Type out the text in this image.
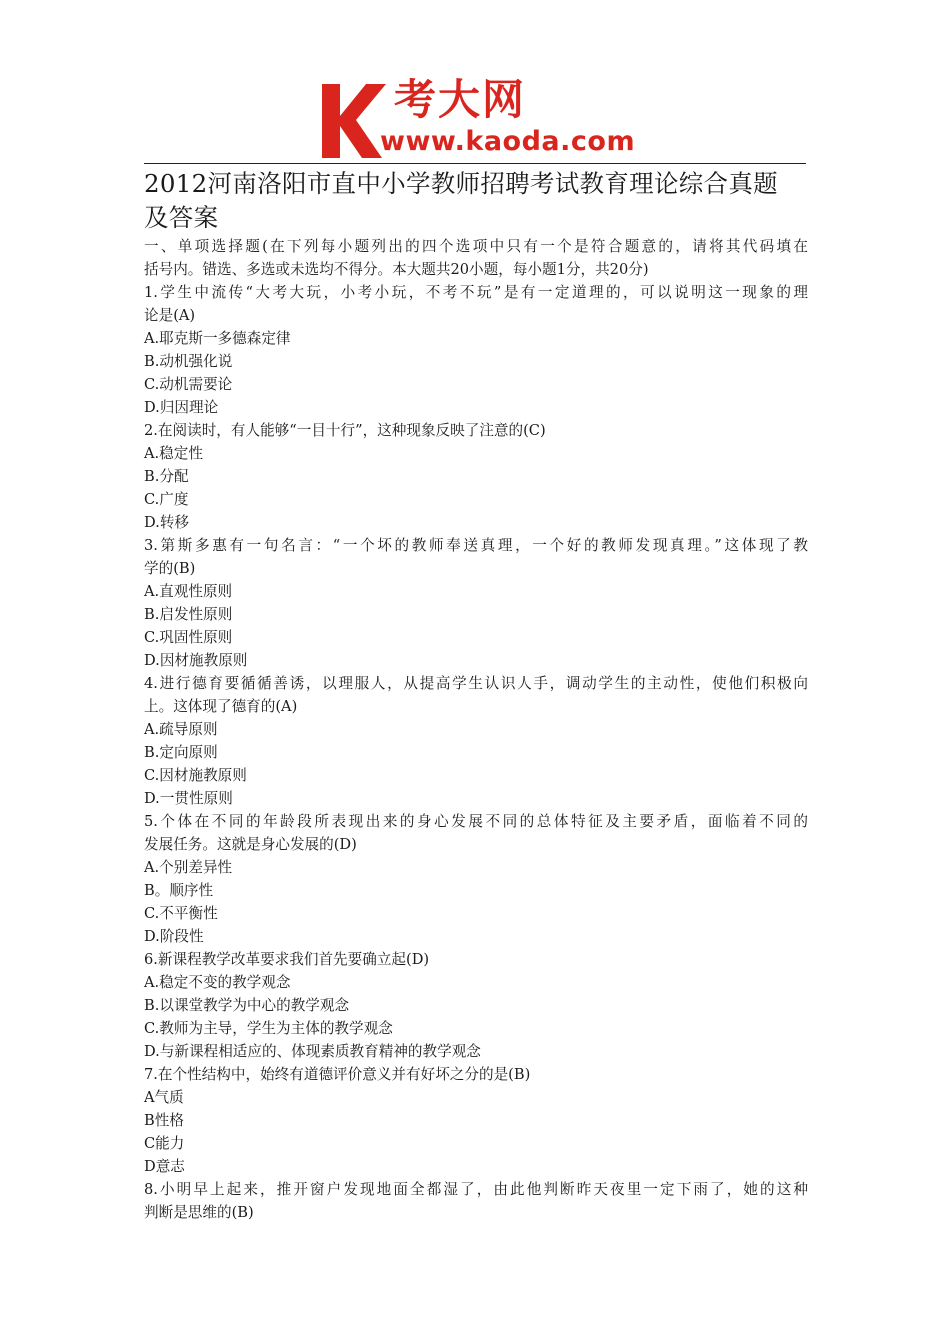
考大网
www.kaoda.com
2012河南洛阳市直中小学教师招聘考试教育理论综合真题
及答案
一、单项选择题(在下列每小题列出的四个选项中只有一个是符合题意的，请将其代码填在
括号内。错选、多选或未选均不得分。本大题共20小题，每小题1分，共20分)
1.学生中流传“大考大玩，小考小玩，不考不玩”是有一定道理的，可以说明这一现象的理
论是(A)
A.耶克斯一多德森定律
B.动机强化说
C.动机需要论
D.归因理论
2.在阅读时，有人能够“一目十行”，这种现象反映了注意的(C)
A.稳定性
B.分配
C.广度
D.转移
3.第斯多惠有一句名言：“一个坏的教师奉送真理，一个好的教师发现真理。”这体现了教
学的(B)
A.直观性原则
B.启发性原则
C.巩固性原则
D.因材施教原则
4.进行德育要循循善诱，以理服人，从提高学生认识人手，调动学生的主动性，使他们积极向
上。这体现了德育的(A)
A.疏导原则
B.定向原则
C.因材施教原则
D.一贯性原则
5.个体在不同的年龄段所表现出来的身心发展不同的总体特征及主要矛盾，面临着不同的
发展任务。这就是身心发展的(D)
A.个别差异性
B。顺序性
C.不平衡性
D.阶段性
6.新课程教学改革要求我们首先要确立起(D)
A.稳定不变的教学观念
B.以课堂教学为中心的教学观念
C.教师为主导，学生为主体的教学观念
D.与新课程相适应的、体现素质教育精神的教学观念
7.在个性结构中，始终有道德评价意义并有好坏之分的是(B)
A气质
B性格
C能力
D意志
8.小明早上起来，推开窗户发现地面全都湿了，由此他判断昨天夜里一定下雨了，她的这种
判断是思维的(B)
